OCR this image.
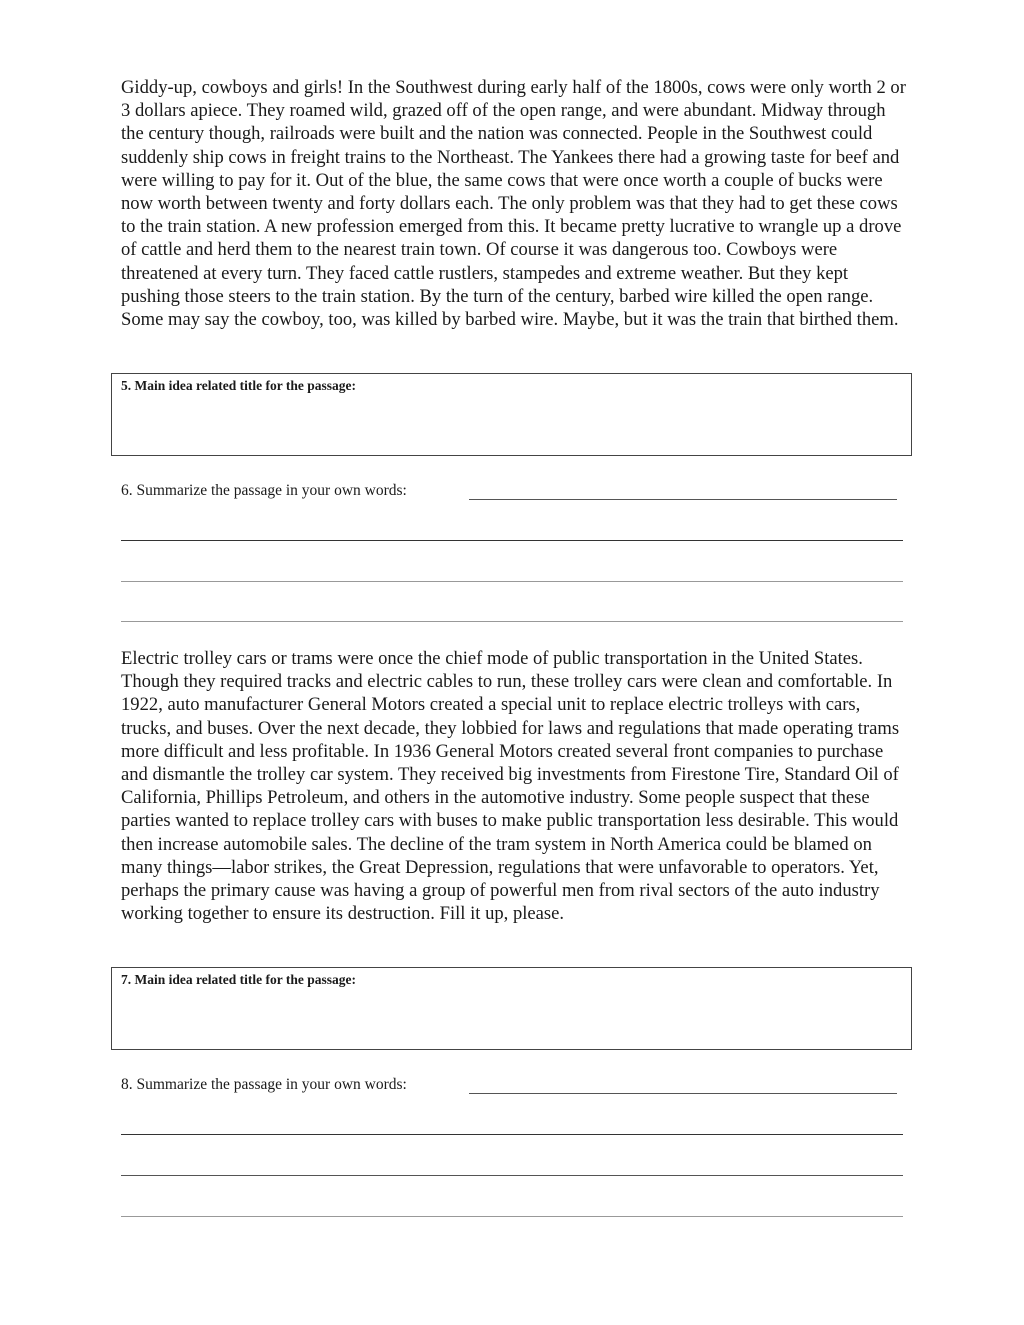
Giddy-up, cowboys and girls! In the Southwest during early half of the 1800s, cows were only worth 2 or 3 dollars apiece. They roamed wild, grazed off of the open range, and were abundant. Midway through the century though, railroads were built and the nation was connected. People in the Southwest could suddenly ship cows in freight trains to the Northeast. The Yankees there had a growing taste for beef and were willing to pay for it. Out of the blue, the same cows that were once worth a couple of bucks were now worth between twenty and forty dollars each. The only problem was that they had to get these cows to the train station. A new profession emerged from this. It became pretty lucrative to wrangle up a drove of cattle and herd them to the nearest train town. Of course it was dangerous too. Cowboys were threatened at every turn. They faced cattle rustlers, stampedes and extreme weather. But they kept pushing those steers to the train station. By the turn of the century, barbed wire killed the open range. Some may say the cowboy, too, was killed by barbed wire. Maybe, but it was the train that birthed them.

5. Main idea related title for the passage:
6. Summarize the passage in your own words:

Electric trolley cars or trams were once the chief mode of public transportation in the United States. Though they required tracks and electric cables to run, these trolley cars were clean and comfortable. In 1922, auto manufacturer General Motors created a special unit to replace electric trolleys with cars, trucks, and buses. Over the next decade, they lobbied for laws and regulations that made operating trams more difficult and less profitable. In 1936 General Motors created several front companies to purchase and dismantle the trolley car system. They received big investments from Firestone Tire, Standard Oil of California, Phillips Petroleum, and others in the automotive industry. Some people suspect that these parties wanted to replace trolley cars with buses to make public transportation less desirable. This would then increase automobile sales. The decline of the tram system in North America could be blamed on many things—labor strikes, the Great Depression, regulations that were unfavorable to operators. Yet, perhaps the primary cause was having a group of powerful men from rival sectors of the auto industry working together to ensure its destruction. Fill it up, please.

7. Main idea related title for the passage:
8. Summarize the passage in your own words:
